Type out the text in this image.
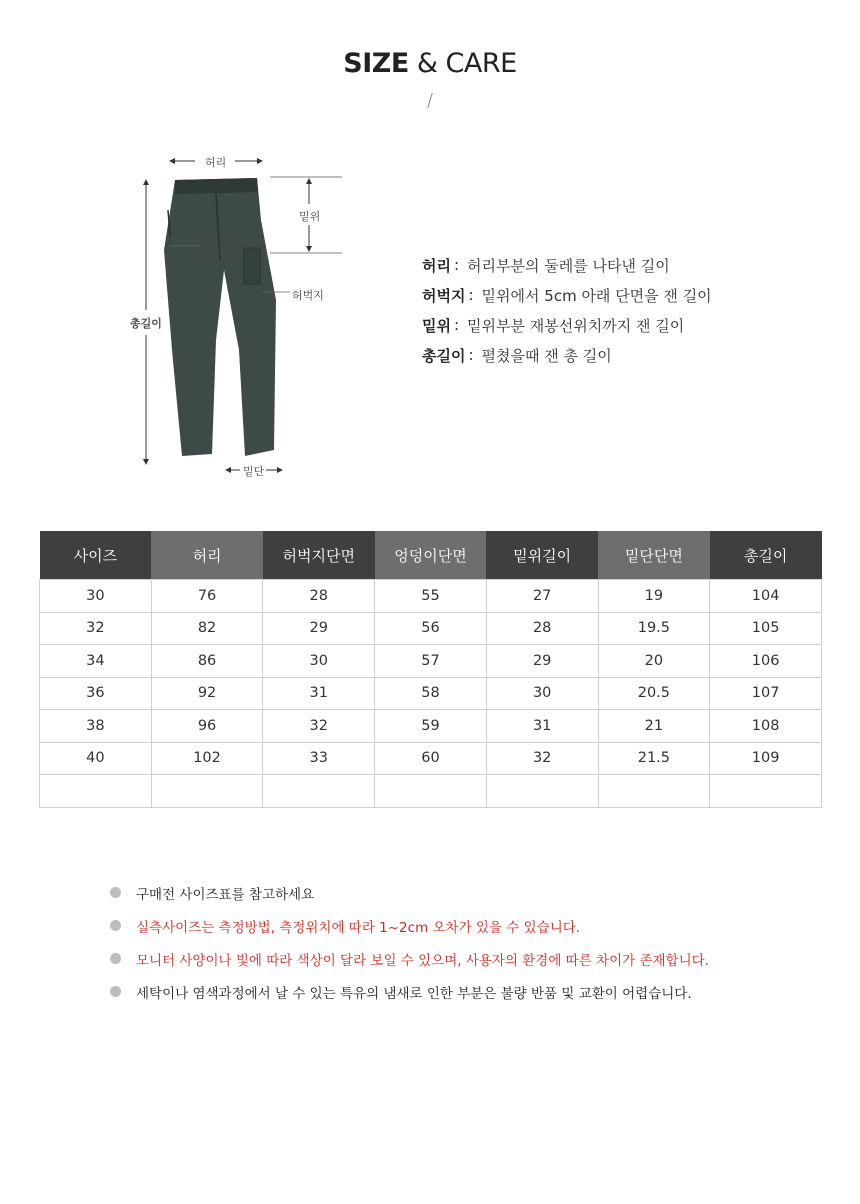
SIZE & CARE
/
허리
밑위
엉덩이
허벅지
총길이
밑단
허리 : 허리부분의 둘레를 나타낸 길이
허벅지 : 밑위에서 5cm 아래 단면을 잰 길이
밑위 : 밑위부분 재봉선위치까지 잰 길이
총길이 : 펼쳤을때 잰 총 길이
사이즈	허리	허벅지단면	엉덩이단면	밑위길이	밑단단면	총길이
30	76	28	55	27	19	104
32	82	29	56	28	19.5	105
34	86	30	57	29	20	106
36	92	31	58	30	20.5	107
38	96	32	59	31	21	108
40	102	33	60	32	21.5	109

구매전 사이즈표를 참고하세요
실측사이즈는 측정방법, 측정위치에 따라 1~2cm 오차가 있을 수 있습니다.
모니터 사양이나 빛에 따라 색상이 달라 보일 수 있으며, 사용자의 환경에 따른 차이가 존재합니다.
세탁이나 염색과정에서 날 수 있는 특유의 냄새로 인한 부분은 불량 반품 및 교환이 어렵습니다.
